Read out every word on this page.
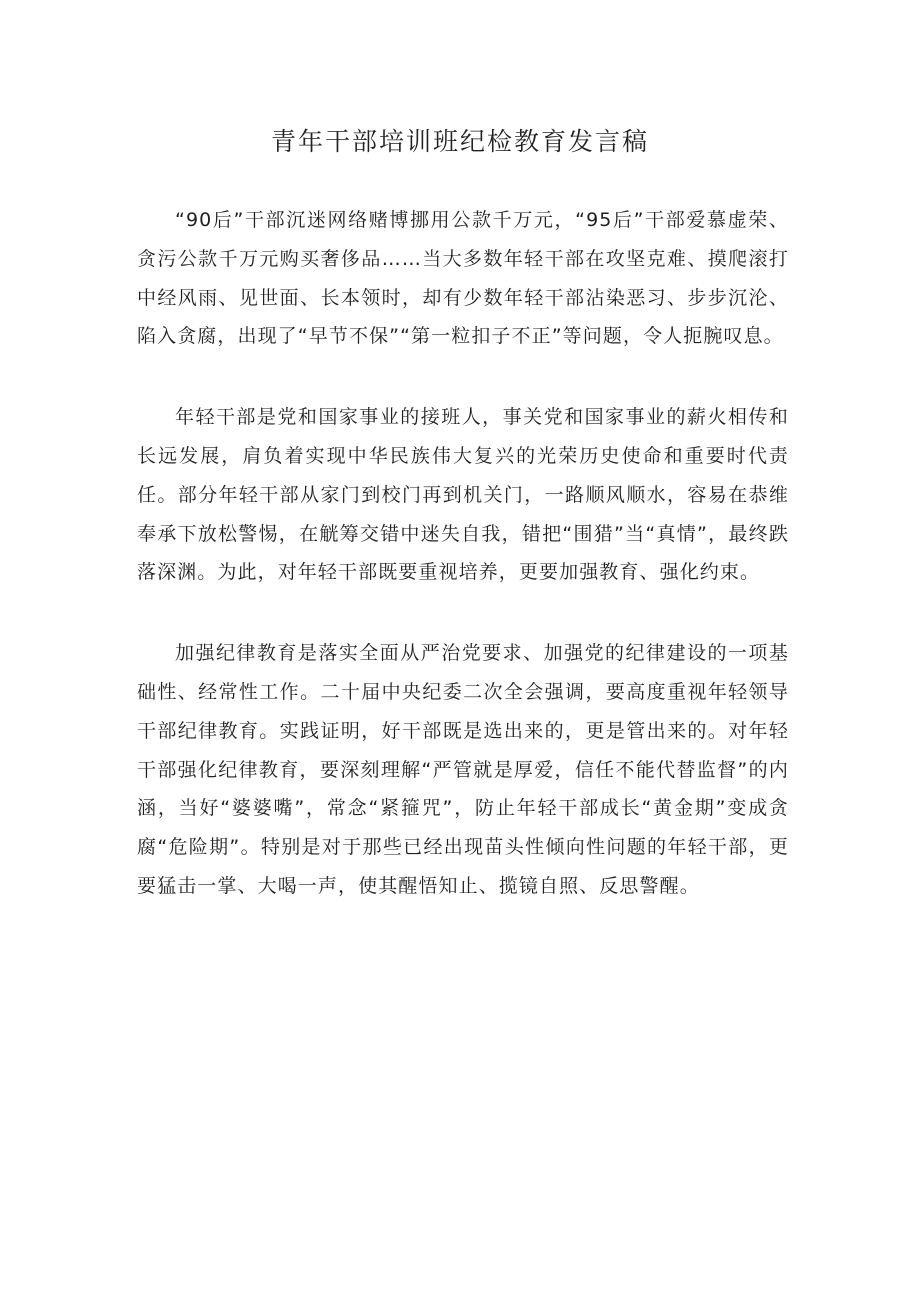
青年干部培训班纪检教育发言稿

“90后”干部沉迷网络赌博挪用公款千万元，“95后”干部爱慕虚荣、贪污公款千万元购买奢侈品……当大多数年轻干部在攻坚克难、摸爬滚打中经风雨、见世面、长本领时，却有少数年轻干部沾染恶习、步步沉沦、陷入贪腐，出现了“早节不保”“第一粒扣子不正”等问题，令人扼腕叹息。

年轻干部是党和国家事业的接班人，事关党和国家事业的薪火相传和长远发展，肩负着实现中华民族伟大复兴的光荣历史使命和重要时代责任。部分年轻干部从家门到校门再到机关门，一路顺风顺水，容易在恭维奉承下放松警惕，在觥筹交错中迷失自我，错把“围猎”当“真情”，最终跌落深渊。为此，对年轻干部既要重视培养，更要加强教育、强化约束。

加强纪律教育是落实全面从严治党要求、加强党的纪律建设的一项基础性、经常性工作。二十届中央纪委二次全会强调，要高度重视年轻领导干部纪律教育。实践证明，好干部既是选出来的，更是管出来的。对年轻干部强化纪律教育，要深刻理解“严管就是厚爱，信任不能代替监督”的内涵，当好“婆婆嘴”，常念“紧箍咒”，防止年轻干部成长“黄金期”变成贪腐“危险期”。特别是对于那些已经出现苗头性倾向性问题的年轻干部，更要猛击一掌、大喝一声，使其醒悟知止、揽镜自照、反思警醒。
